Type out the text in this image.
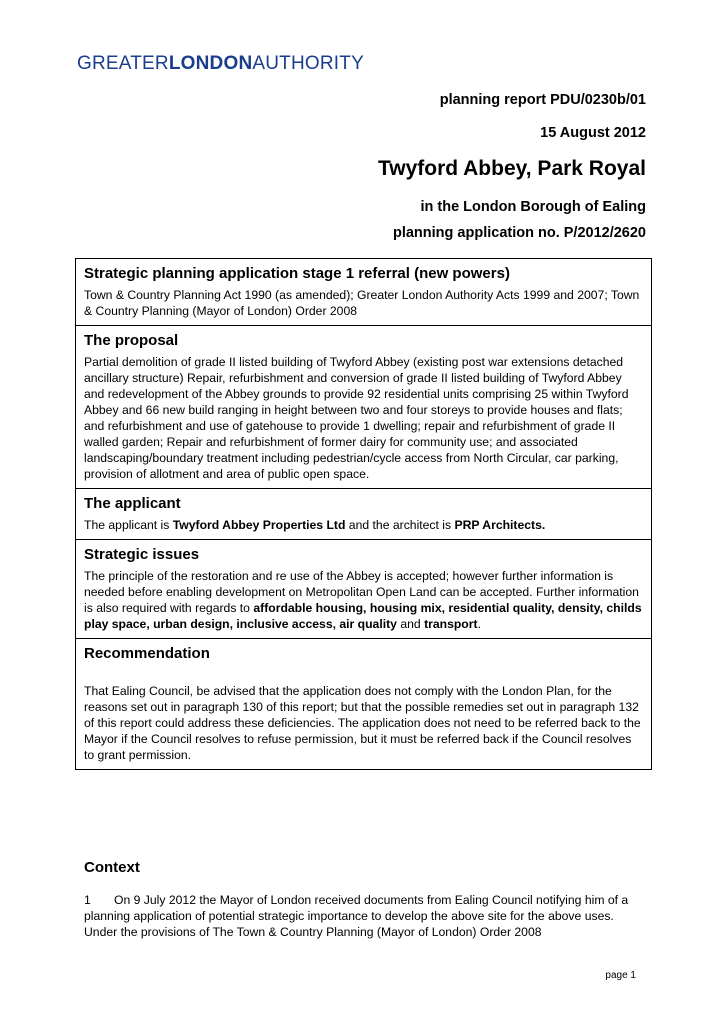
GREATERLONDONAUTHORITY
planning report PDU/0230b/01
15 August 2012
Twyford Abbey, Park Royal
in the London Borough of Ealing
planning application no. P/2012/2620
Strategic planning application stage 1 referral (new powers)

Town & Country Planning Act 1990 (as amended); Greater London Authority Acts 1999 and 2007; Town & Country Planning (Mayor of London) Order 2008

The proposal

Partial demolition of grade II listed building of Twyford Abbey (existing post war extensions detached ancillary structure) Repair, refurbishment and conversion of grade II listed building of Twyford Abbey and redevelopment of the Abbey grounds to provide 92 residential units comprising 25 within Twyford Abbey and 66 new build ranging in height between two and four storeys to provide houses and flats; and refurbishment and use of gatehouse to provide 1 dwelling; repair and refurbishment of grade II walled garden; Repair and refurbishment of former dairy for community use; and associated landscaping/boundary treatment including pedestrian/cycle access from North Circular, car parking, provision of allotment and area of public open space.

The applicant

The applicant is Twyford Abbey Properties Ltd and the architect is PRP Architects.

Strategic issues

The principle of the restoration and re use of the Abbey is accepted; however further information is needed before enabling development on Metropolitan Open Land can be accepted. Further information is also required with regards to affordable housing, housing mix, residential quality, density, childs play space, urban design, inclusive access, air quality and transport.

Recommendation

That Ealing Council, be advised that the application does not comply with the London Plan, for the reasons set out in paragraph 130 of this report; but that the possible remedies set out in paragraph 132 of this report could address these deficiencies. The application does not need to be referred back to the Mayor if the Council resolves to refuse permission, but it must be referred back if the Council resolves to grant permission.

Context

1 On 9 July 2012 the Mayor of London received documents from Ealing Council notifying him of a planning application of potential strategic importance to develop the above site for the above uses. Under the provisions of The Town & Country Planning (Mayor of London) Order 2008

page 1
